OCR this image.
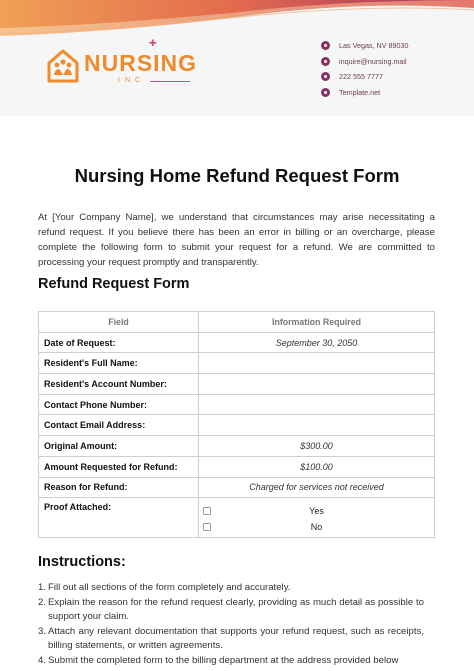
NURSING
✚
INC
Las Vegas, NV 89030
inquire@nursing.mail
222 555 7777
Template.net
Nursing Home Refund Request Form

At [Your Company Name], we understand that circumstances may arise necessitating a refund request. If you believe there has been an error in billing or an overcharge, please complete the following form to submit your request for a refund. We are committed to processing your request promptly and transparently.

Refund Request Form
Field	Information Required
Date of Request:	September 30, 2050
Resident's Full Name:	
Resident's Account Number:	
Contact Phone Number:	
Contact Email Address:	
Original Amount:	$300.00
Amount Requested for Refund:	$100.00
Reason for Refund:	Charged for services not received
Proof Attached:	Yes
No
Instructions:
1. Fill out all sections of the form completely and accurately.
2. Explain the reason for the refund request clearly, providing as much detail as possible to support your claim.
3. Attach any relevant documentation that supports your refund request, such as receipts, billing statements, or written agreements.
4. Submit the completed form to the billing department at the address provided below
